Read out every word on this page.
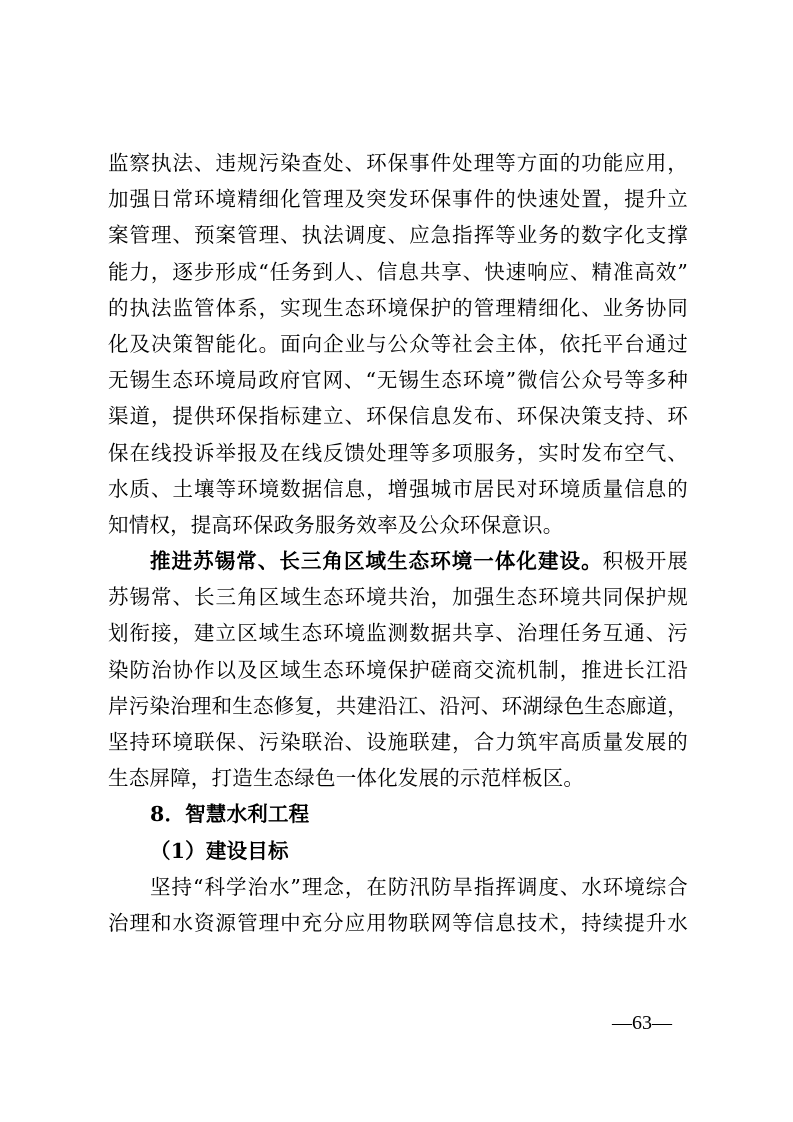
监察执法、违规污染查处、环保事件处理等方面的功能应用，
加强日常环境精细化管理及突发环保事件的快速处置，提升立
案管理、预案管理、执法调度、应急指挥等业务的数字化支撑
能力，逐步形成“任务到人、信息共享、快速响应、精准高效”
的执法监管体系，实现生态环境保护的管理精细化、业务协同
化及决策智能化。面向企业与公众等社会主体，依托平台通过
无锡生态环境局政府官网、“无锡生态环境”微信公众号等多种
渠道，提供环保指标建立、环保信息发布、环保决策支持、环
保在线投诉举报及在线反馈处理等多项服务，实时发布空气、
水质、土壤等环境数据信息，增强城市居民对环境质量信息的
知情权，提高环保政务服务效率及公众环保意识。
推进苏锡常、长三角区域生态环境一体化建设。积极开展
苏锡常、长三角区域生态环境共治，加强生态环境共同保护规
划衔接，建立区域生态环境监测数据共享、治理任务互通、污
染防治协作以及区域生态环境保护磋商交流机制，推进长江沿
岸污染治理和生态修复，共建沿江、沿河、环湖绿色生态廊道，
坚持环境联保、污染联治、设施联建，合力筑牢高质量发展的
生态屏障，打造生态绿色一体化发展的示范样板区。
8．智慧水利工程
（1）建设目标
坚持“科学治水”理念，在防汛防旱指挥调度、水环境综合
治理和水资源管理中充分应用物联网等信息技术，持续提升水
—63—
